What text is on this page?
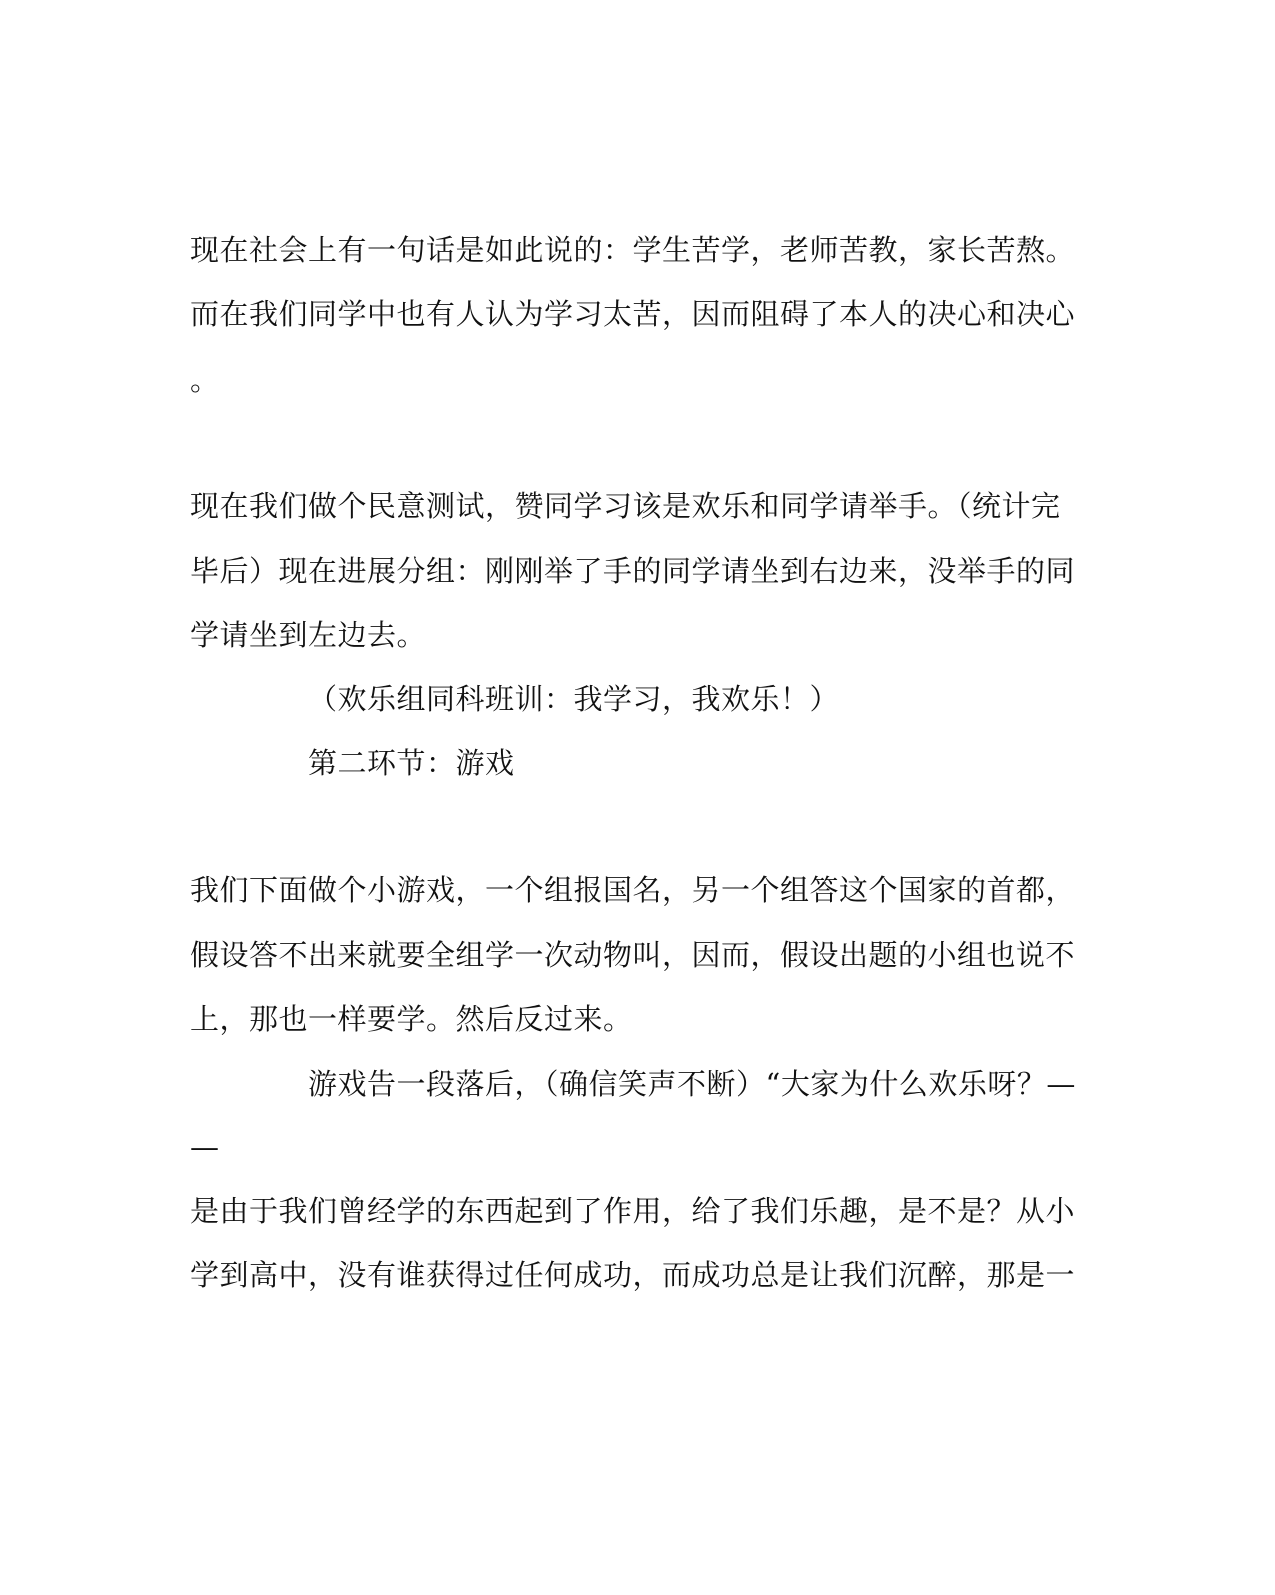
现在社会上有一句话是如此说的：学生苦学，老师苦教，家长苦熬。
而在我们同学中也有人认为学习太苦，因而阻碍了本人的决心和决心
。
现在我们做个民意测试，赞同学习该是欢乐和同学请举手。（统计完
毕后）现在进展分组：刚刚举了手的同学请坐到右边来，没举手的同
学请坐到左边去。
（欢乐组同科班训：我学习，我欢乐！）
第二环节：游戏
我们下面做个小游戏，一个组报国名，另一个组答这个国家的首都，
假设答不出来就要全组学一次动物叫，因而，假设出题的小组也说不
上，那也一样要学。然后反过来。
游戏告一段落后，（确信笑声不断）“大家为什么欢乐呀？—
—
是由于我们曾经学的东西起到了作用，给了我们乐趣，是不是？从小
学到高中，没有谁获得过任何成功，而成功总是让我们沉醉，那是一
